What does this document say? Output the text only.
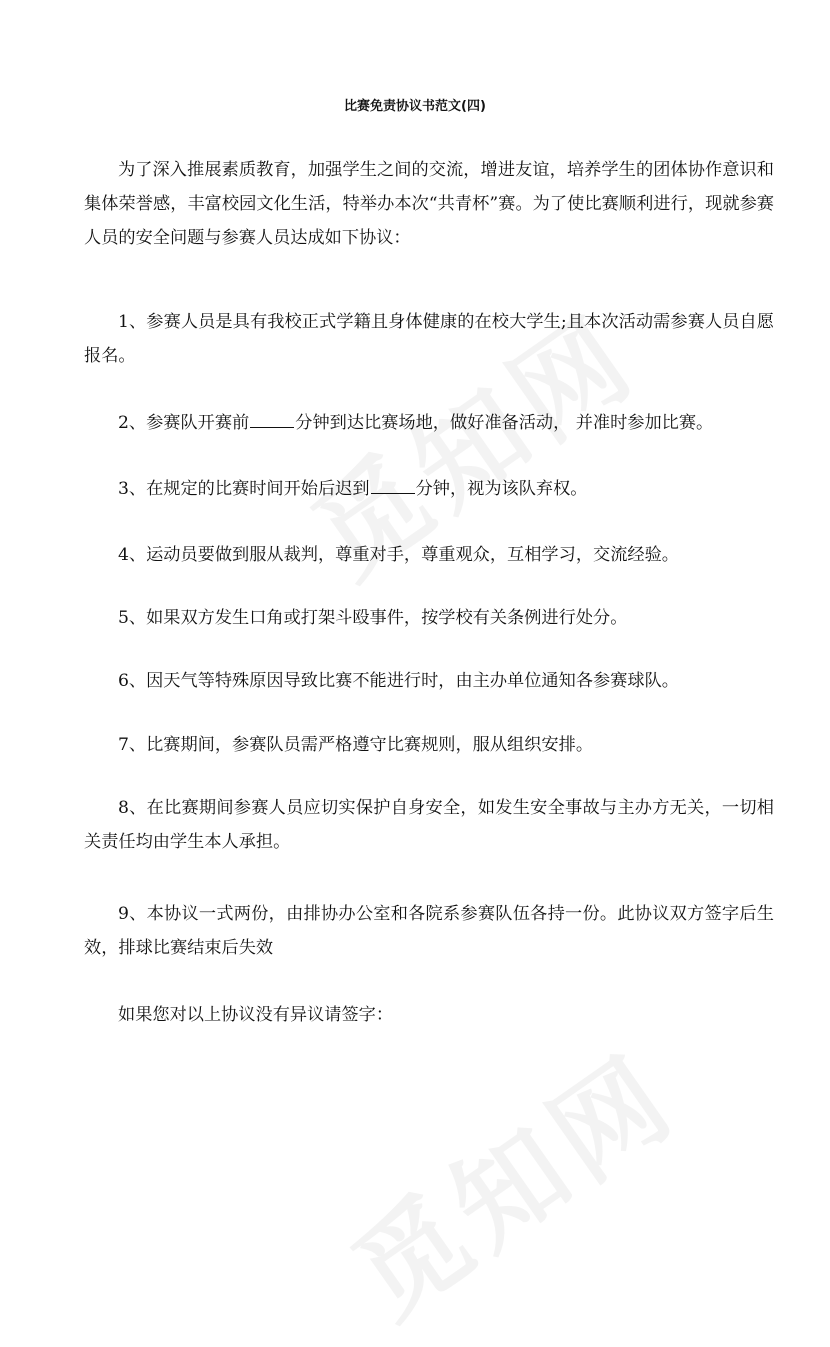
比赛免责协议书范文(四)

为了深入推展素质教育，加强学生之间的交流，增进友谊，培养学生的团体协作意识和集体荣誉感，丰富校园文化生活，特举办本次“共青杯”赛。为了使比赛顺利进行，现就参赛人员的安全问题与参赛人员达成如下协议：

1、参赛人员是具有我校正式学籍且身体健康的在校大学生;且本次活动需参赛人员自愿报名。

2、参赛队开赛前	分钟到达比赛场地，做好准备活动， 并准时参加比赛。

3、在规定的比赛时间开始后迟到	分钟，视为该队弃权。

4、运动员要做到服从裁判，尊重对手，尊重观众，互相学习，交流经验。

5、如果双方发生口角或打架斗殴事件，按学校有关条例进行处分。

6、因天气等特殊原因导致比赛不能进行时，由主办单位通知各参赛球队。

7、比赛期间，参赛队员需严格遵守比赛规则，服从组织安排。

8、在比赛期间参赛人员应切实保护自身安全，如发生安全事故与主办方无关，一切相关责任均由学生本人承担。

9、本协议一式两份，由排协办公室和各院系参赛队伍各持一份。此协议双方签字后生效，排球比赛结束后失效

如果您对以上协议没有异议请签字：
